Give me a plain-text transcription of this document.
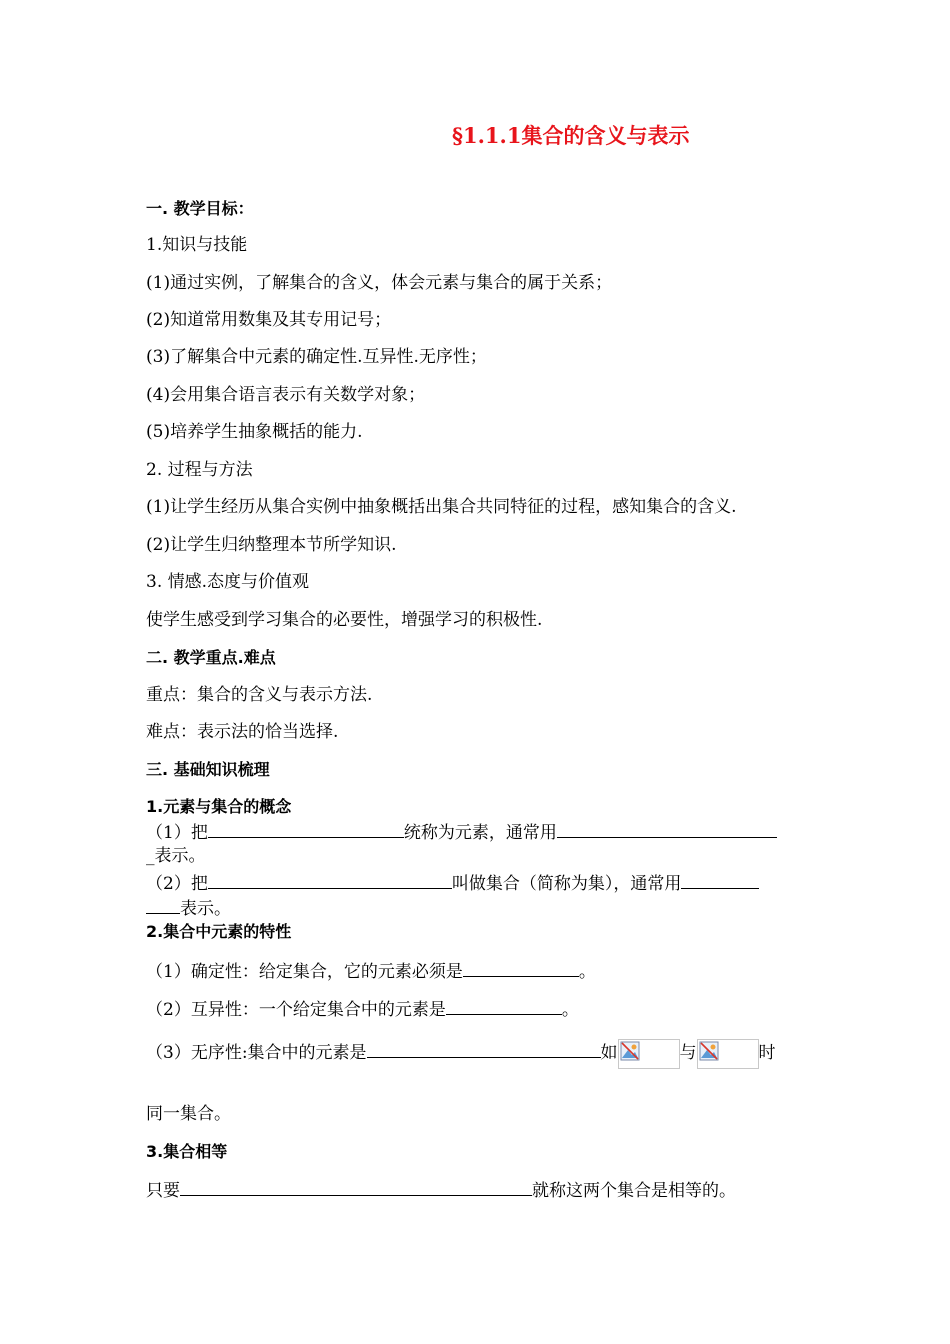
§1.1.1集合的含义与表示
一. 教学目标：
1.知识与技能
(1)通过实例，了解集合的含义，体会元素与集合的属于关系；
(2)知道常用数集及其专用记号；
(3)了解集合中元素的确定性.互异性.无序性；
(4)会用集合语言表示有关数学对象；
(5)培养学生抽象概括的能力.
2. 过程与方法
(1)让学生经历从集合实例中抽象概括出集合共同特征的过程，感知集合的含义.
(2)让学生归纳整理本节所学知识.
3. 情感.态度与价值观
使学生感受到学习集合的必要性，增强学习的积极性.
二. 教学重点.难点
重点：集合的含义与表示方法.
难点：表示法的恰当选择.
三. 基础知识梳理
1.元素与集合的概念
（1）把	统称为元素，通常用
_表示。
（2）把	叫做集合（简称为集），通常用
表示。
2.集合中元素的特性
（1）确定性：给定集合，它的元素必须是	。
（2）互异性：一个给定集合中的元素是	。
（3）无序性:集合中的元素是	如	与	时
同一集合。
3.集合相等
只要	就称这两个集合是相等的。
